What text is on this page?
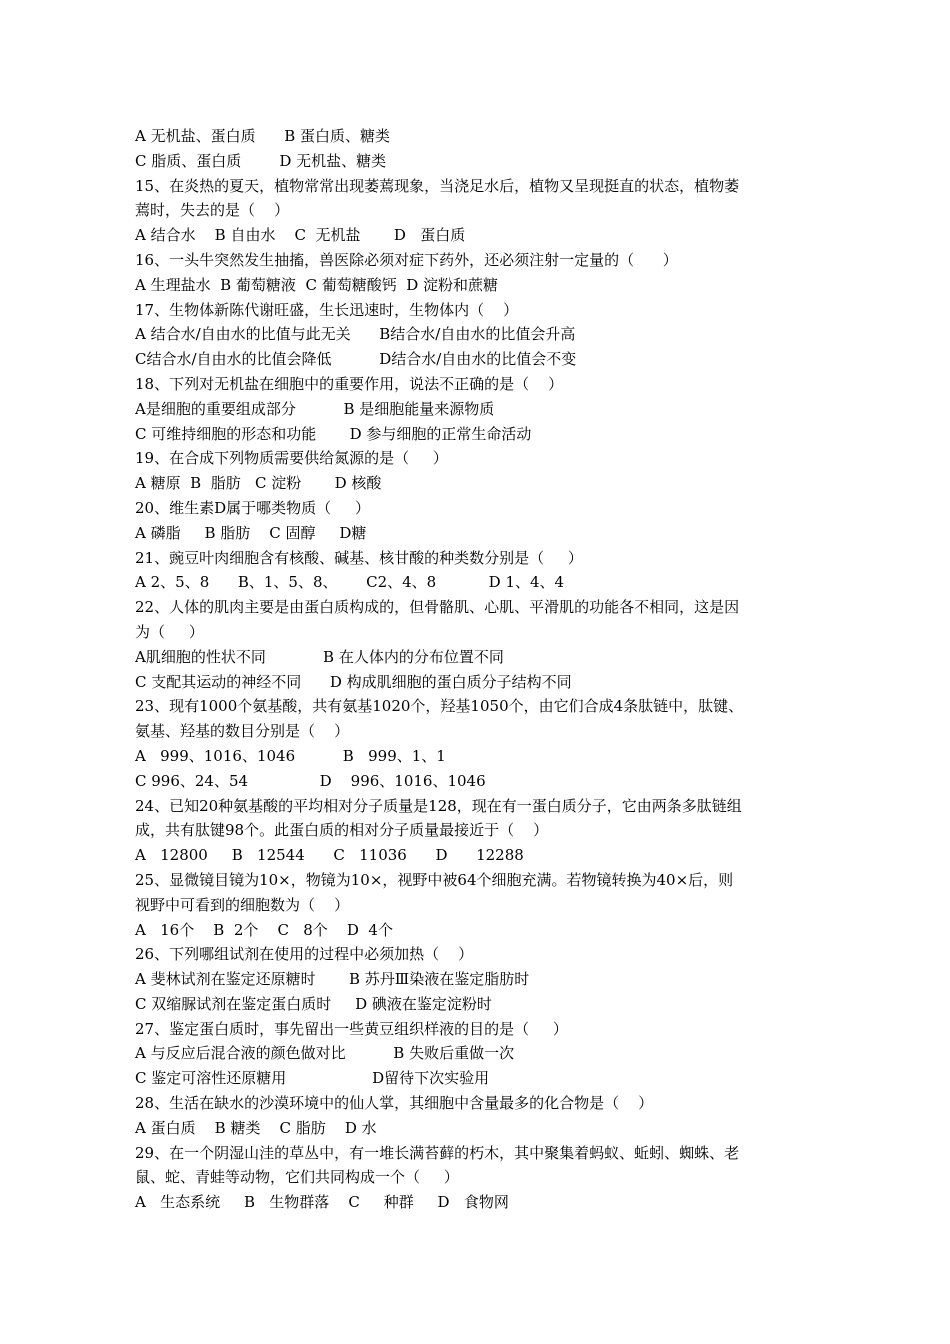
A 无机盐、蛋白质      B 蛋白质、糖类
C 脂质、蛋白质        D 无机盐、糖类
15、在炎热的夏天，植物常常出现萎蔫现象，当浇足水后，植物又呈现挺直的状态，植物萎
蔫时，失去的是（    ）
A 结合水    B 自由水    C  无机盐       D   蛋白质
16、一头牛突然发生抽搐，兽医除必须对症下药外，还必须注射一定量的（      ）
A 生理盐水  B 葡萄糖液  C 葡萄糖酸钙  D 淀粉和蔗糖
17、生物体新陈代谢旺盛，生长迅速时，生物体内（    ）
A 结合水/自由水的比值与此无关      B结合水/自由水的比值会升高
C结合水/自由水的比值会降低          D结合水/自由水的比值会不变
18、下列对无机盐在细胞中的重要作用，说法不正确的是（    ）
A是细胞的重要组成部分          B 是细胞能量来源物质
C 可维持细胞的形态和功能       D 参与细胞的正常生命活动
19、在合成下列物质需要供给氮源的是（     ）
A 糖原  B  脂肪   C 淀粉       D 核酸
20、维生素D属于哪类物质（     ）
A 磷脂     B 脂肪    C 固醇     D糖
21、豌豆叶肉细胞含有核酸、碱基、核甘酸的种类数分别是（     ）
A 2、5、8      B、1、5、8、      C2、4、8           D 1、4、4
22、人体的肌肉主要是由蛋白质构成的，但骨骼肌、心肌、平滑肌的功能各不相同，这是因
为（     ）
A肌细胞的性状不同            B 在人体内的分布位置不同
C 支配其运动的神经不同      D 构成肌细胞的蛋白质分子结构不同
23、现有1000个氨基酸，共有氨基1020个，羟基1050个，由它们合成4条肽链中，肽键、
氨基、羟基的数目分别是（    ）
A   999、1016、1046          B   999、1、1
C 996、24、54               D    996、1016、1046
24、已知20种氨基酸的平均相对分子质量是128，现在有一蛋白质分子，它由两条多肽链组
成，共有肽键98个。此蛋白质的相对分子质量最接近于（    ）
A   12800     B   12544      C   11036      D      12288
25、显微镜目镜为10×，物镜为10×，视野中被64个细胞充满。若物镜转换为40×后，则
视野中可看到的细胞数为（    ）
A   16个    B  2个    C   8个    D  4个
26、下列哪组试剂在使用的过程中必须加热（    ）
A 斐林试剂在鉴定还原糖时       B 苏丹Ⅲ染液在鉴定脂肪时
C 双缩脲试剂在鉴定蛋白质时     D 碘液在鉴定淀粉时
27、鉴定蛋白质时，事先留出一些黄豆组织样液的目的是（     ）
A 与反应后混合液的颜色做对比          B 失败后重做一次
C 鉴定可溶性还原糖用                  D留待下次实验用
28、生活在缺水的沙漠环境中的仙人掌，其细胞中含量最多的化合物是（    ）
A 蛋白质    B 糖类    C 脂肪    D 水
29、在一个阴湿山洼的草丛中，有一堆长满苔藓的朽木，其中聚集着蚂蚁、蚯蚓、蜘蛛、老
鼠、蛇、青蛙等动物，它们共同构成一个（     ）
A   生态系统     B   生物群落    C     种群     D   食物网
